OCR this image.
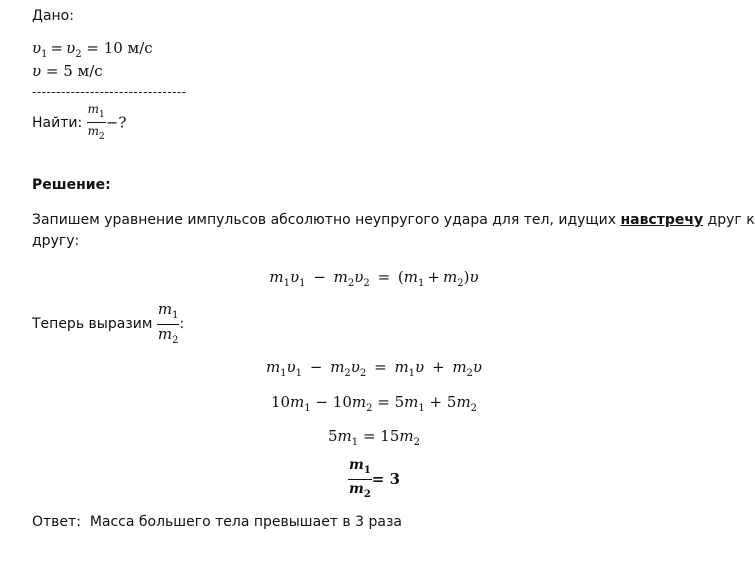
Дано:
$\upsilon_1 = \upsilon_2 = 10$ м/с
υ = 5 м/с
--------------------------------
Найти: $\frac{m_1}{m_2}$ −?
Решение:
Запишем уравнение импульсов абсолютно неупругого удара для тел, идущих навстречу друг к
другу:
$m_1\upsilon_1 - m_2\upsilon_2 = (m_1 + m_2)\upsilon$
Теперь выразим $\frac{m_1}{m_2}$ :
$m_1\upsilon_1 - m_2\upsilon_2 = m_1\upsilon + m_2\upsilon$
$10m_1 - 10m_2 = 5m_1 + 5m_2$
$5m_1 = 15m_2$
$\frac{m_1}{m_2} = 3$
Ответ: Масса большего тела превышает в 3 раза
